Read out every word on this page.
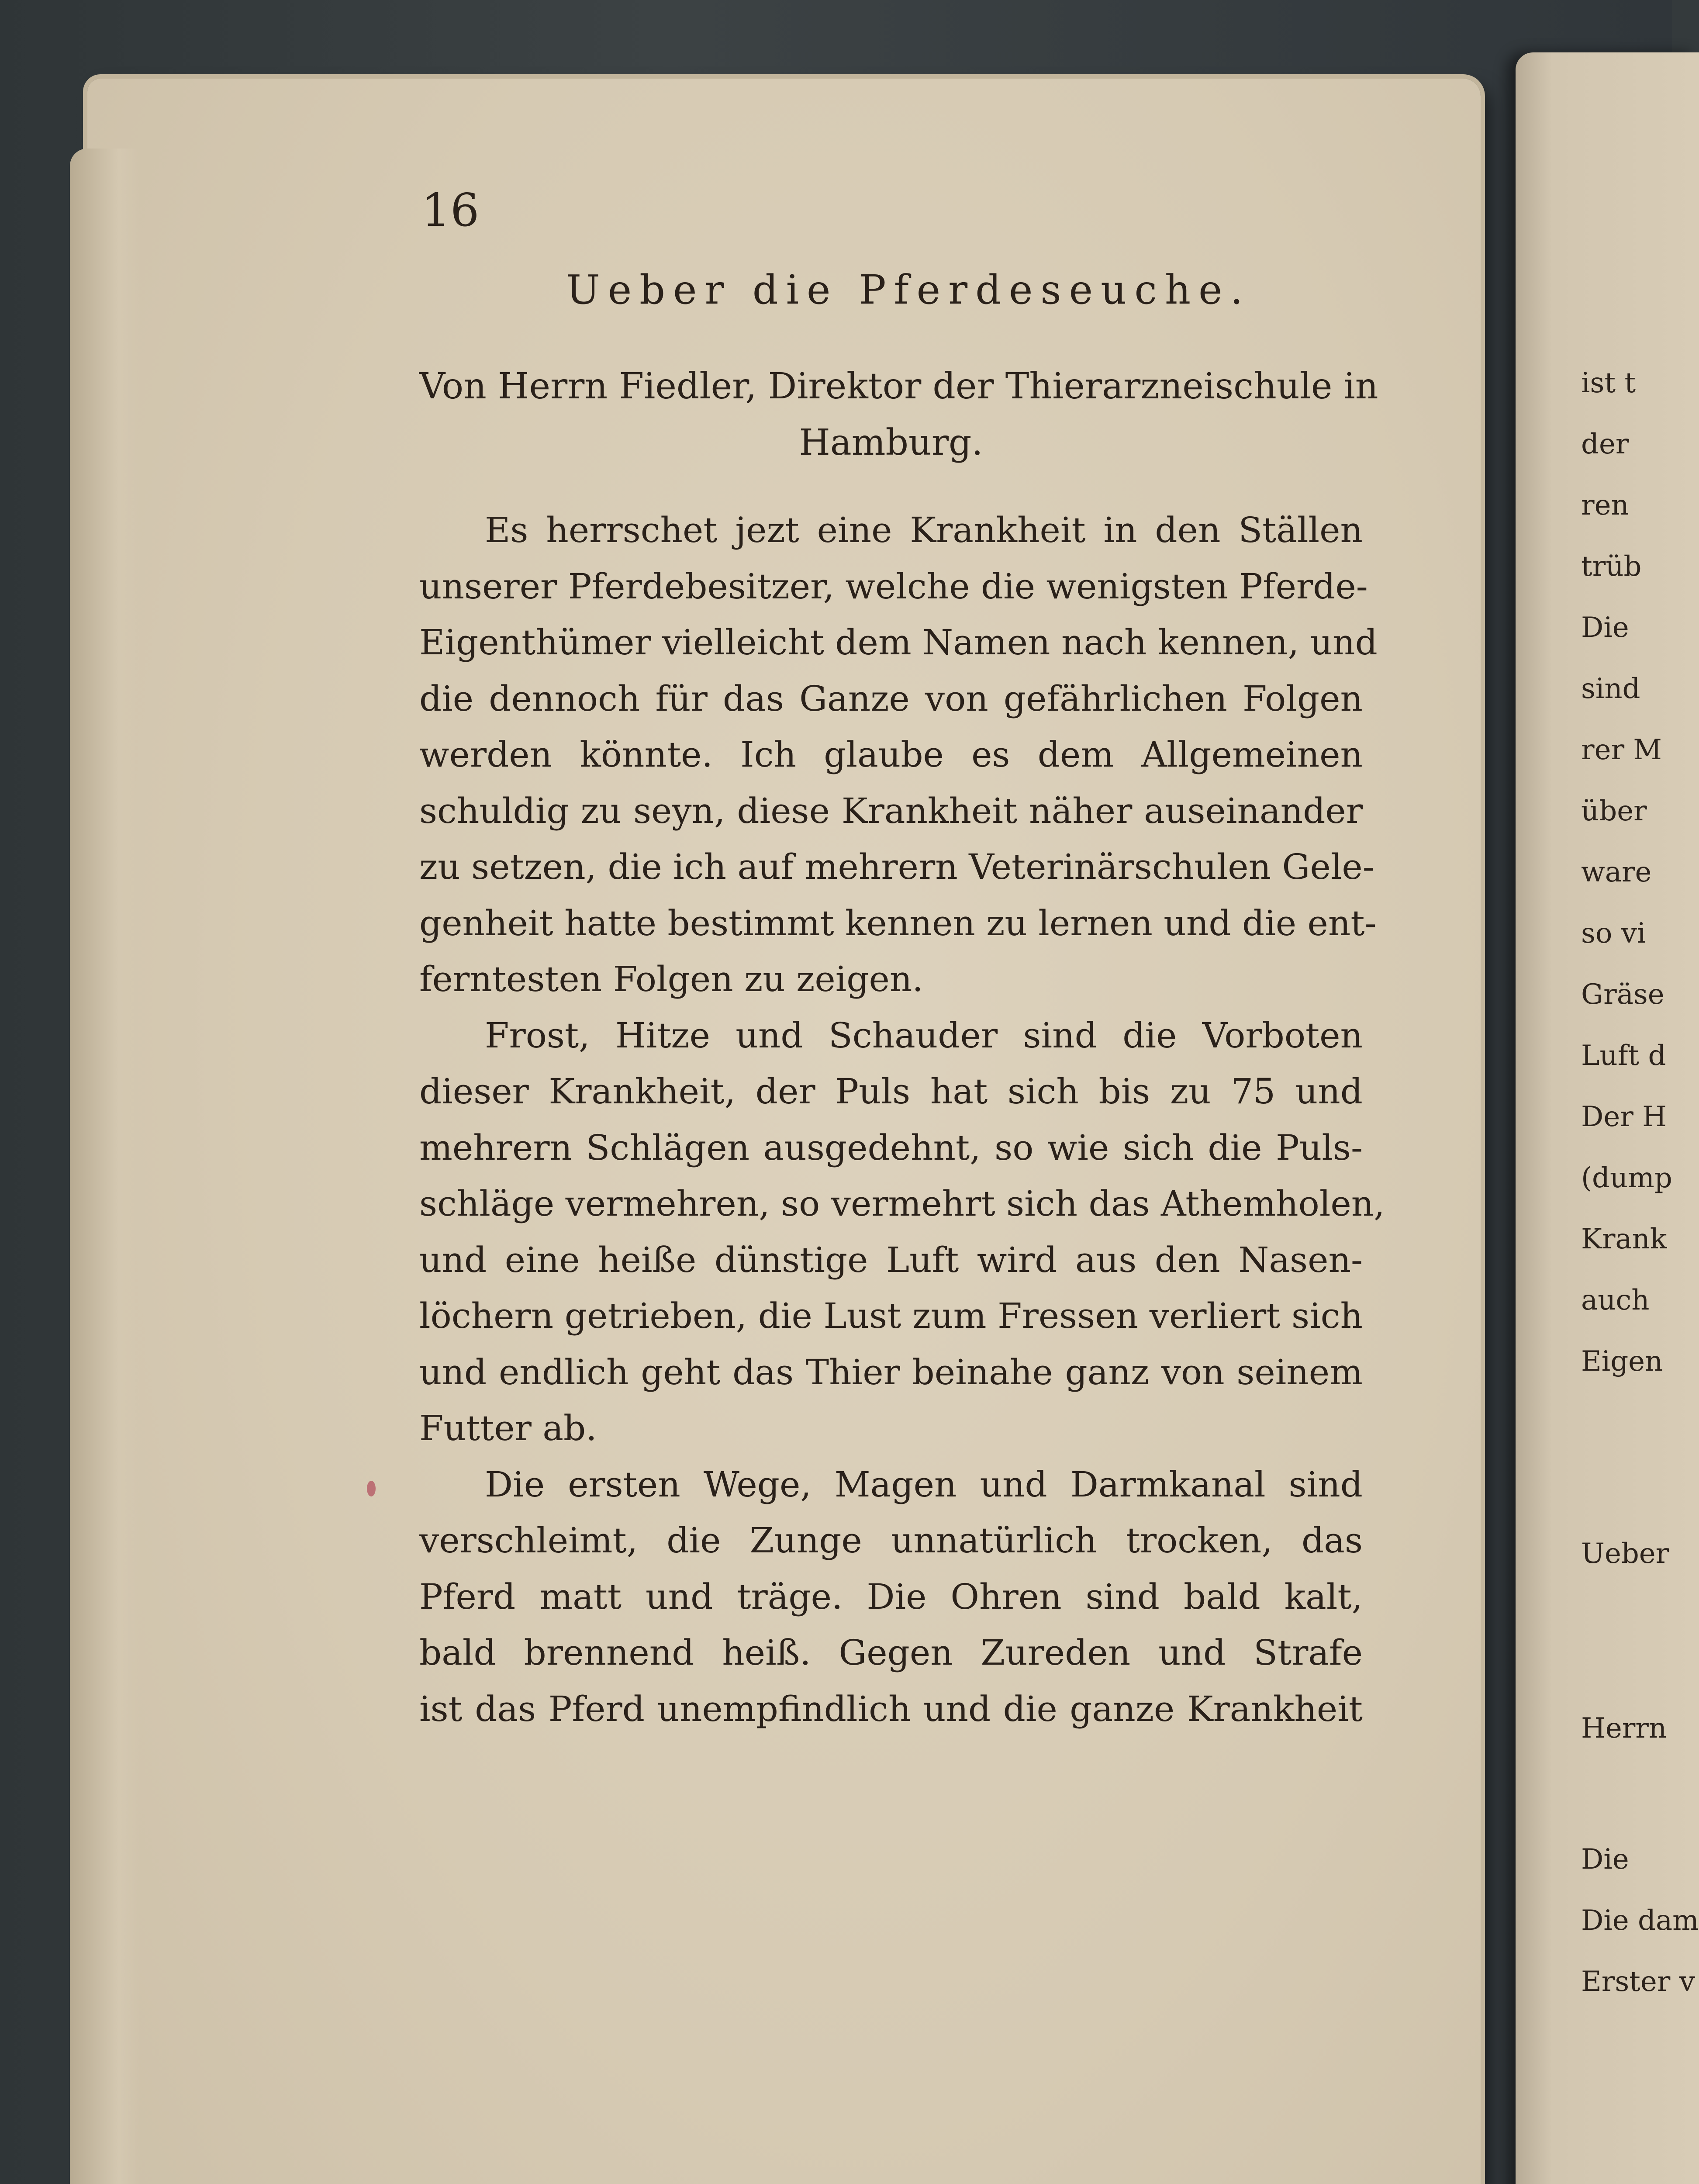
ist t
der
ren
trüb
Die
sind
rer M
über
ware
so vi
Gräse
Luft d
Der H
(dump
Krank
auch
Eigen
Ueber
Herrn
Die
Die dam
Erster v
16
Ueber die Pferdeseuche.
Von Herrn Fiedler, Direktor der Thierarzneischule in
Hamburg.
Es herrschet jezt eine Krankheit in den Ställen
unserer Pferdebesitzer, welche die wenigsten Pferde-
Eigenthümer vielleicht dem Namen nach kennen, und
die dennoch für das Ganze von gefährlichen Folgen
werden könnte. Ich glaube es dem Allgemeinen
schuldig zu seyn, diese Krankheit näher auseinander
zu setzen, die ich auf mehrern Veterinärschulen Gele-
genheit hatte bestimmt kennen zu lernen und die ent-
ferntesten Folgen zu zeigen.
Frost, Hitze und Schauder sind die Vorboten
dieser Krankheit, der Puls hat sich bis zu 75 und
mehrern Schlägen ausgedehnt, so wie sich die Puls-
schläge vermehren, so vermehrt sich das Athemholen,
und eine heiße dünstige Luft wird aus den Nasen-
löchern getrieben, die Lust zum Fressen verliert sich
und endlich geht das Thier beinahe ganz von seinem
Futter ab.
Die ersten Wege, Magen und Darmkanal sind
verschleimt, die Zunge unnatürlich trocken, das
Pferd matt und träge. Die Ohren sind bald kalt,
bald brennend heiß. Gegen Zureden und Strafe
ist das Pferd unempfindlich und die ganze Krankheit
